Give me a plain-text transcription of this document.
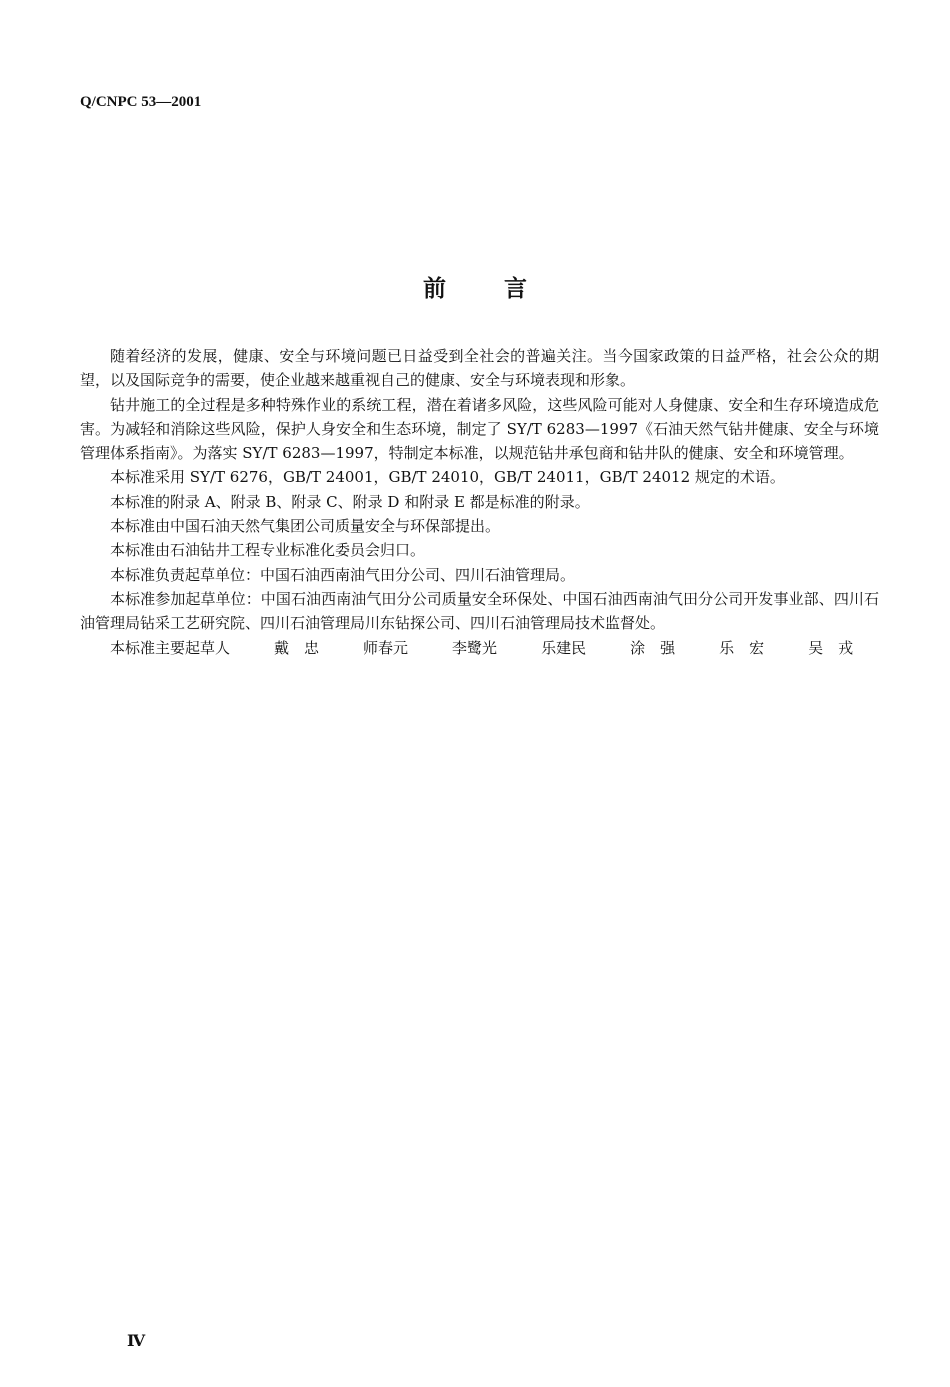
Q/CNPC 53—2001
前	言

随着经济的发展，健康、安全与环境问题已日益受到全社会的普遍关注。当今国家政策的日益严格，社会公众的期望，以及国际竞争的需要，使企业越来越重视自己的健康、安全与环境表现和形象。

钻井施工的全过程是多种特殊作业的系统工程，潜在着诸多风险，这些风险可能对人身健康、安全和生存环境造成危害。为减轻和消除这些风险，保护人身安全和生态环境，制定了 SY/T 6283—1997《石油天然气钻井健康、安全与环境管理体系指南》。为落实 SY/T 6283—1997，特制定本标准，以规范钻井承包商和钻井队的健康、安全和环境管理。

本标准采用 SY/T 6276，GB/T 24001，GB/T 24010，GB/T 24011，GB/T 24012 规定的术语。

本标准的附录 A、附录 B、附录 C、附录 D 和附录 E 都是标准的附录。

本标准由中国石油天然气集团公司质量安全与环保部提出。

本标准由石油钻井工程专业标准化委员会归口。

本标准负责起草单位：中国石油西南油气田分公司、四川石油管理局。

本标准参加起草单位：中国石油西南油气田分公司质量安全环保处、中国石油西南油气田分公司开发事业部、四川石油管理局钻采工艺研究院、四川石油管理局川东钻探公司、四川石油管理局技术监督处。

本标准主要起草人	戴　忠	师春元	李鹭光	乐建民	涂　强	乐　宏	吴　戎

Ⅳ
